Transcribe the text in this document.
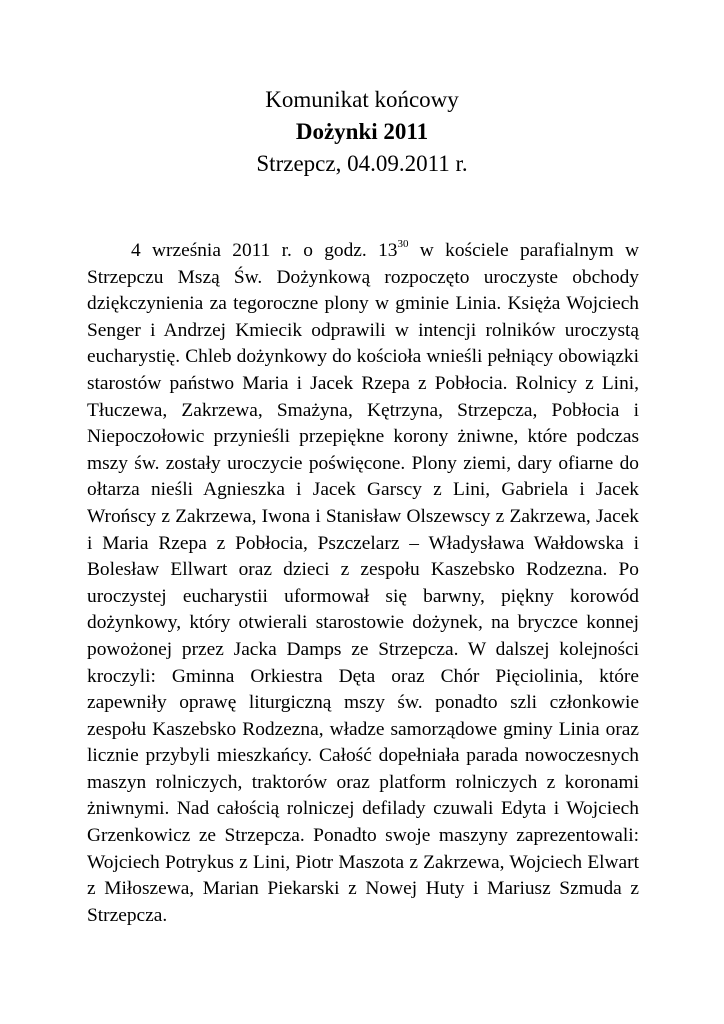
Komunikat końcowy
Dożynki 2011
Strzepcz, 04.09.2011 r.

4 września 2011 r. o godz. $13^{30}$ w kościele parafialnym w Strzepczu Mszą Św. Dożynkową rozpoczęto uroczyste obchody dziękczynienia za tegoroczne plony w gminie Linia. Księża Wojciech Senger i Andrzej Kmiecik odprawili w intencji rolników uroczystą eucharystię. Chleb dożynkowy do kościoła wnieśli pełniący obowiązki starostów państwo Maria i Jacek Rzepa z Pobłocia. Rolnicy z Lini, Tłuczewa, Zakrzewa, Smażyna, Kętrzyna, Strzepcza, Pobłocia i Niepoczołowic przynieśli przepiękne korony żniwne, które podczas mszy św. zostały uroczycie poświęcone. Plony ziemi, dary ofiarne do ołtarza nieśli Agnieszka i Jacek Garscy z Lini, Gabriela i Jacek Wrońscy z Zakrzewa, Iwona i Stanisław Olszewscy z Zakrzewa, Jacek i Maria Rzepa z Pobłocia, Pszczelarz – Władysława Wałdowska i Bolesław Ellwart oraz dzieci z zespołu Kaszebsko Rodzezna. Po uroczystej eucharystii uformował się barwny, piękny korowód dożynkowy, który otwierali starostowie dożynek, na bryczce konnej powożonej przez Jacka Damps ze Strzepcza. W dalszej kolejności kroczyli: Gminna Orkiestra Dęta oraz Chór Pięciolinia, które zapewniły oprawę liturgiczną mszy św. ponadto szli członkowie zespołu Kaszebsko Rodzezna, władze samorządowe gminy Linia oraz licznie przybyli mieszkańcy. Całość dopełniała parada nowoczesnych maszyn rolniczych, traktorów oraz platform rolniczych z koronami żniwnymi. Nad całością rolniczej defilady czuwali Edyta i Wojciech Grzenkowicz ze Strzepcza. Ponadto swoje maszyny zaprezentowali: Wojciech Potrykus z Lini, Piotr Maszota z Zakrzewa, Wojciech Elwart z Miłoszewa, Marian Piekarski z Nowej Huty i Mariusz Szmuda z Strzepcza.
